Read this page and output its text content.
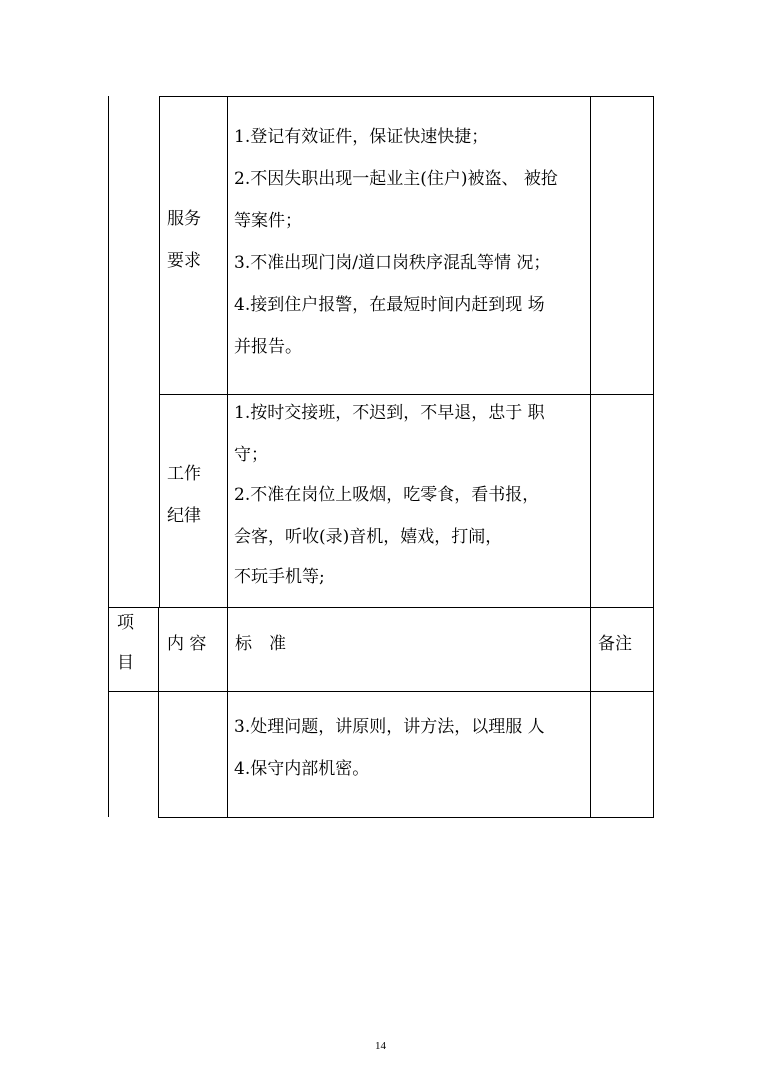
服务
要求
1.登记有效证件，保证快速快捷；
2.不因失职出现一起业主(住户)被盗、 被抢
等案件；
3.不准出现门岗/道口岗秩序混乱等情 况；
4.接到住户报警，在最短时间内赶到现 场
并报告。
工作
纪律
1.按时交接班，不迟到，不早退，忠于 职
守；
2.不准在岗位上吸烟，吃零食，看书报，
会客，听收(录)音机，嬉戏，打闹，
不玩手机等;
项
目
内 容 标　准	备注
3.处理问题，讲原则，讲方法，以理服 人
4.保守内部机密。
14
